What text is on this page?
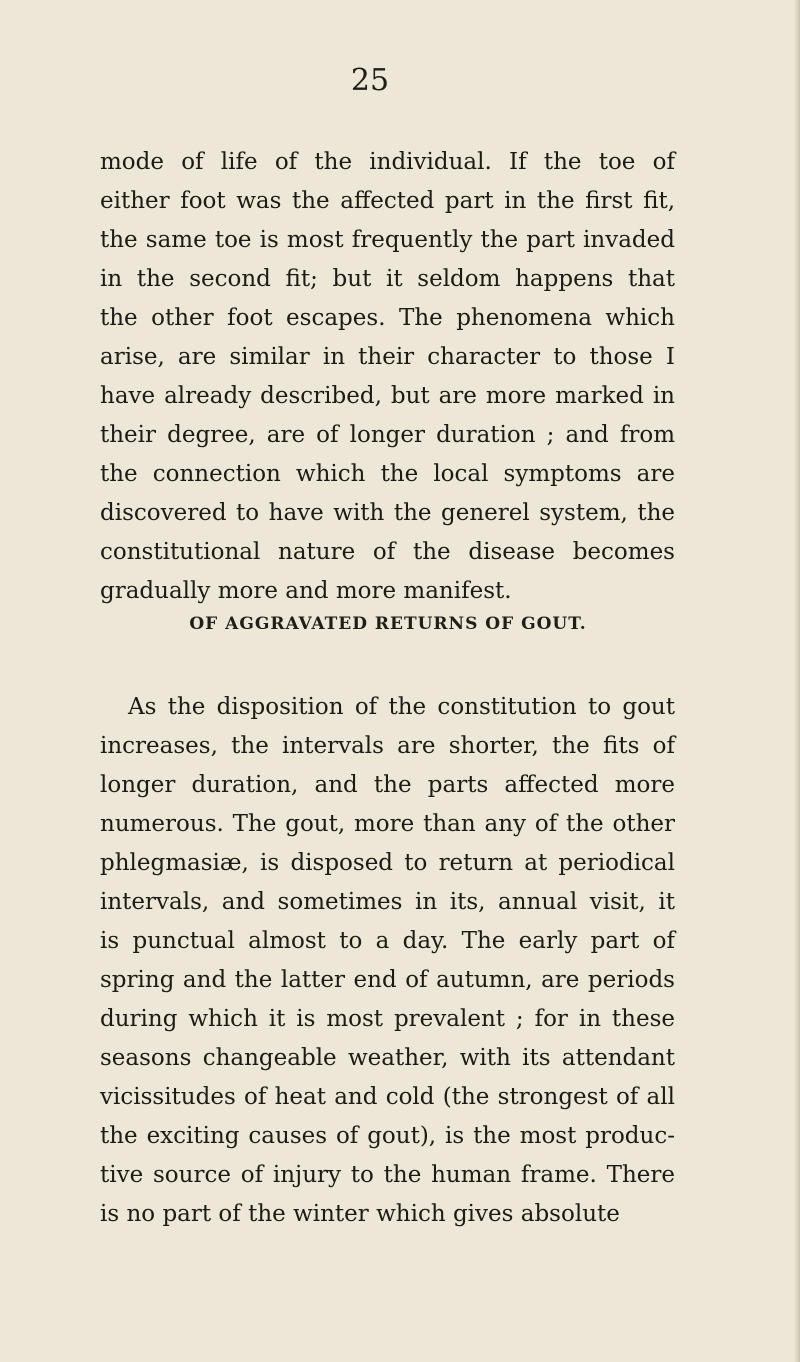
25
mode of life of the individual. If the toe of
either foot was the affected part in the first fit,
the same toe is most frequently the part invaded
in the second fit; but it seldom happens that
the other foot escapes. The phenomena which
arise, are similar in their character to those I
have already described, but are more marked in
their degree, are of longer duration ; and from
the connection which the local symptoms are
discovered to have with the generel system, the
constitutional nature of the disease becomes
gradually more and more manifest.
OF AGGRAVATED RETURNS OF GOUT.
As the disposition of the constitution to gout
increases, the intervals are shorter, the fits of
longer duration, and the parts affected more
numerous. The gout, more than any of the other
phlegmasiæ, is disposed to return at periodical
intervals, and sometimes in its, annual visit, it
is punctual almost to a day. The early part of
spring and the latter end of autumn, are periods
during which it is most prevalent ; for in these
seasons changeable weather, with its attendant
vicissitudes of heat and cold (the strongest of all
the exciting causes of gout), is the most produc-
tive source of injury to the human frame. There
is no part of the winter which gives absolute
